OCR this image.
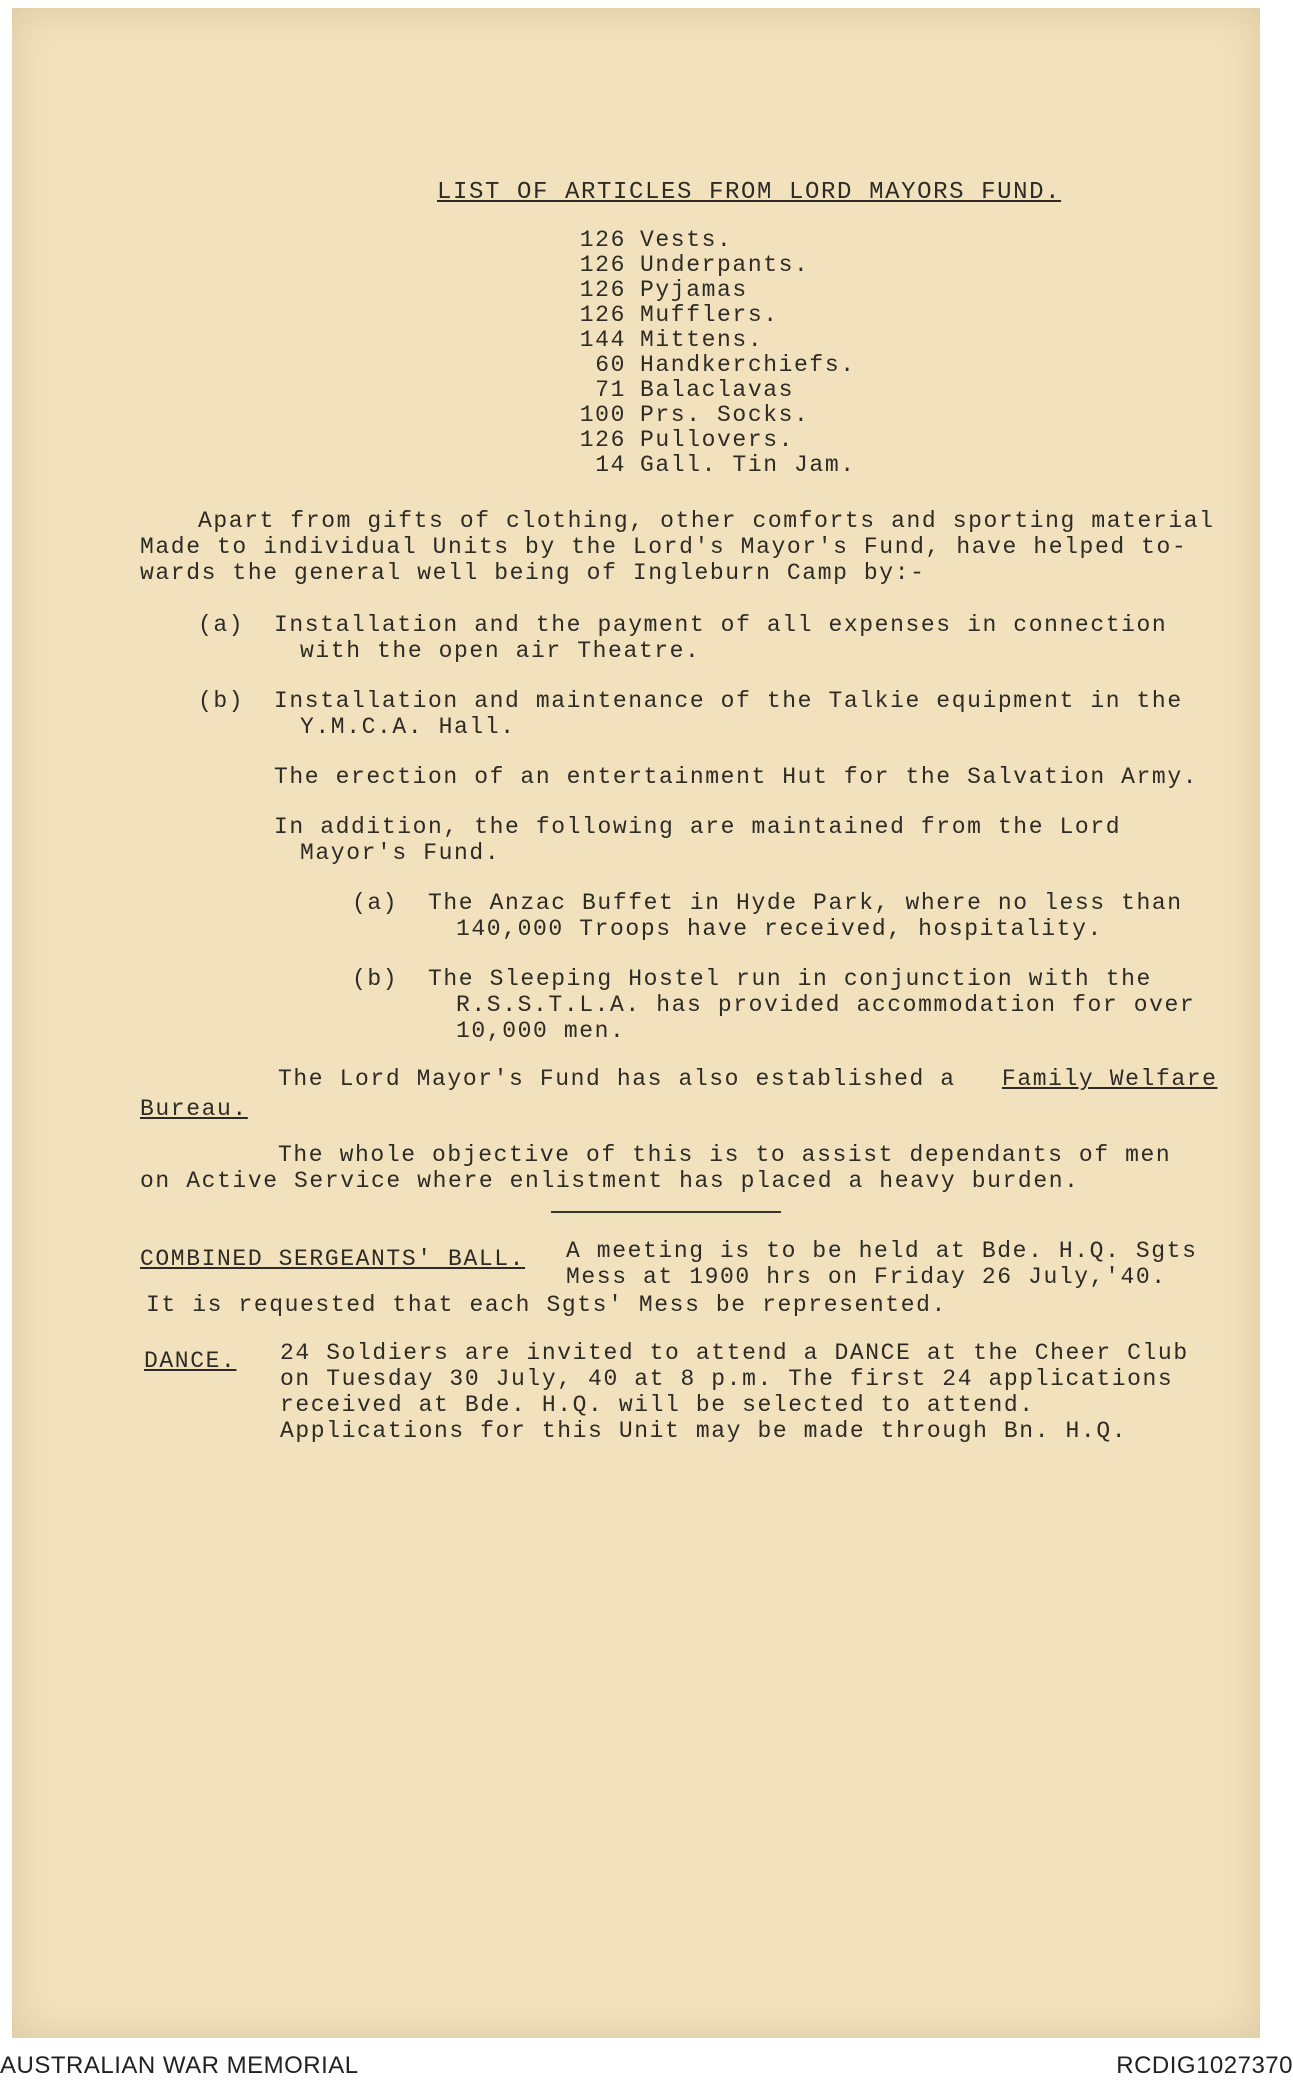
LIST OF ARTICLES FROM LORD MAYORS FUND.
126 Vests.
126 Underpants.
126 Pyjamas
126 Mufflers.
144 Mittens.
60 Handkerchiefs.
71 Balaclavas
100 Prs. Socks.
126 Pullovers.
14 Gall. Tin Jam.
Apart from gifts of clothing, other comforts and sporting material
Made to individual Units by the Lord's Mayor's Fund, have helped to-
wards the general well being of Ingleburn Camp by:-
(a) Installation and the payment of all expenses in connection
with the open air Theatre.
(b) Installation and maintenance of the Talkie equipment in the
Y.M.C.A. Hall.
The erection of an entertainment Hut for the Salvation Army.
In addition, the following are maintained from the Lord
Mayor's Fund.
(a) The Anzac Buffet in Hyde Park, where no less than
140,000 Troops have received, hospitality.
(b) The Sleeping Hostel run in conjunction with the
R.S.S.T.L.A. has provided accommodation for over
10,000 men.
The Lord Mayor's Fund has also established a Family Welfare
Bureau.
The whole objective of this is to assist dependants of men
on Active Service where enlistment has placed a heavy burden.
COMBINED SERGEANTS' BALL. A meeting is to be held at Bde. H.Q. Sgts
Mess at 1900 hrs on Friday 26 July,'40.
It is requested that each Sgts' Mess be represented.
DANCE. 24 Soldiers are invited to attend a DANCE at the Cheer Club
on Tuesday 30 July, 40 at 8 p.m. The first 24 applications
received at Bde. H.Q. will be selected to attend.
Applications for this Unit may be made through Bn. H.Q.
AUSTRALIAN WAR MEMORIAL	RCDIG1027370
